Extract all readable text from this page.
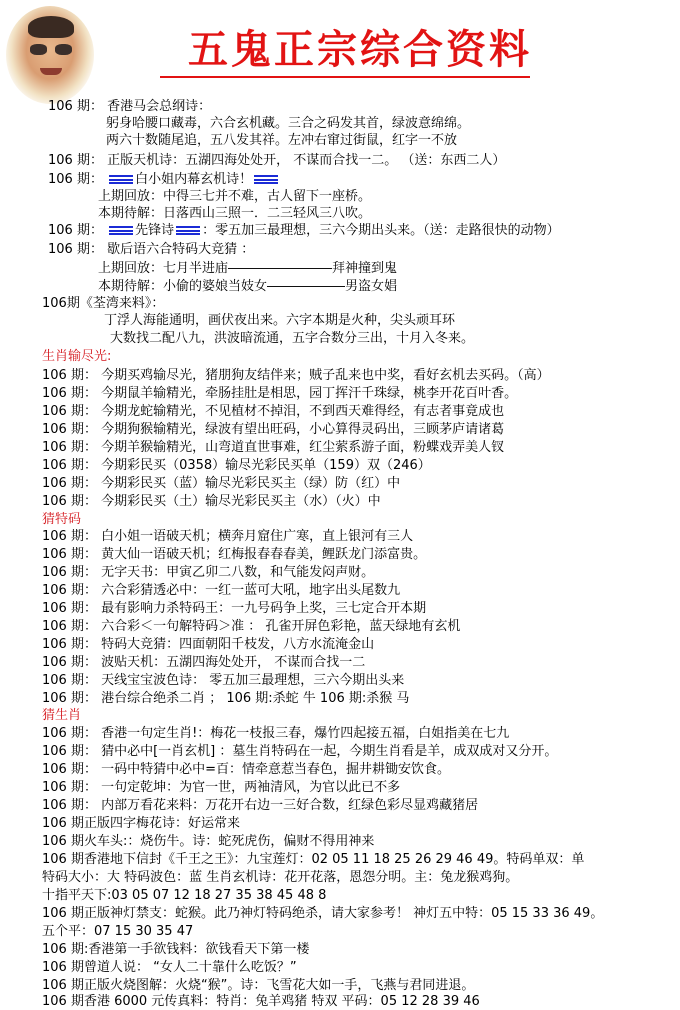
五鬼正宗综合资料
106 期： 香港马会总纲诗：
躬身哈腰口藏毒，六合玄机藏。三合之码发其首，绿波意绵绵。
两六十数随尾追，五八发其祥。左冲右窜过街鼠，红字一不放
106 期： 正版天机诗：五湖四海处处开， 不谋而合找一二。 （送：东西二人）
106 期： 白小姐内幕玄机诗！
上期回放：中得三七并不难，古人留下一座桥。
本期待解：日落西山三照一．二三轻风三八吹。
106 期： 先锋诗 ：零五加三最理想，三六今期出头来。（送：走路很快的动物）
106 期： 歇后语六合特码大竞猜 ：
上期回放：七月半进庙――――――――拜神撞到鬼
本期待解：小偷的婆娘当妓女――――――男盗女娼
106期《荃湾来料》：
丁浮人海能通明，画伏夜出来。六字本期是火种，尖头顽耳环
大数找二配八九，洪波暗流通，五字合数分三出，十月入冬来。
生肖输尽光:
106 期： 今期买鸡输尽光，猪朋狗友结伴来；贼子乱来也中奖，看好玄机去买码。（高）
106 期： 今期鼠羊输精光，牵肠挂肚是相思，园丁挥汗千珠绿，桃李开花百叶香。
106 期： 今期龙蛇输精光，不见植材不掉泪，不到西天难得经，有志者事竟成也
106 期： 今期狗猴输精光，绿波有望出旺码，小心算得灵码出，三顾茅庐请诸葛
106 期： 今期羊猴输精光，山弯道直世事难，红尘萦系游子面，粉蝶戏弄美人钗
106 期： 今期彩民买（0358）输尽光彩民买单（159）双（246）
106 期： 今期彩民买（蓝）输尽光彩民买主（绿）防（红）中
106 期： 今期彩民买（土）输尽光彩民买主（水）（火）中
猜特码
106 期： 白小姐一语破天机；横奔月窟住广寒，直上银河有三人
106 期： 黄大仙一语破天机；红梅报春春春美，鲤跃龙门添富贵。
106 期： 无字天书：甲寅乙卯二八数，和气能发闷声财。
106 期： 六合彩猜透必中：一红一蓝可大吼，地字出头尾数九
106 期： 最有影响力杀特码王：一九号码争上奖，三七定合开本期
106 期： 六合彩＜一句解特码＞准 ： 孔雀开屏色彩艳，蓝天绿地有玄机
106 期： 特码大竞猜：四面朝阳千枝发，八方水流淹金山
106 期： 波贴天机：五湖四海处处开， 不谋而合找一二
106 期： 天线宝宝波色诗： 零五加三最理想，三六今期出头来
106 期： 港台综合绝杀二肖 ； 106 期:杀蛇 牛 106 期:杀猴 马
猜生肖
106 期： 香港一句定生肖!：梅花一枝报三春，爆竹四起接五福，白姐指美在七九
106 期： 猜中必中[一肖玄机] ：墓生肖特码在一起，今期生肖看是羊，成双成对又分开。
106 期： 一码中特猜中必中=百：情牵意惹当春色，掘井耕锄安饮食。
106 期： 一句定乾坤：为官一世，两袖清风，为官以此已不多
106 期： 内部万看花来料：万花开右边一三好合数，红绿色彩尽显鸡藏猪居
106 期正版四字梅花诗：好运常来
106 期火车头:：烧伤牛。诗：蛇死虎伤，偏财不得用神来
106 期香港地下信封《千王之王》：九宝莲灯：02 05 11 18 25 26 29 46 49。特码单双：单
特码大小：大 特码波色：蓝 生肖玄机诗：花开花落，恩怨分明。主：兔龙猴鸡狗。
十指平天下:03 05 07 12 18 27 35 38 45 48 8
106 期正版神灯禁支：蛇猴。此乃神灯特码绝杀，请大家参考！ 神灯五中特：05 15 33 36 49。
五个平：07 15 30 35 47
106 期:香港第一手欲钱料：欲钱看天下第一楼
106 期曾道人说： “女人二十靠什么吃饭？”
106 期正版火烧图解：火烧“猴”。诗：飞雪花大如一手，飞燕与君同进退。
106 期香港 6000 元传真料：特肖：兔羊鸡猪 特双 平码：05 12 28 39 46
